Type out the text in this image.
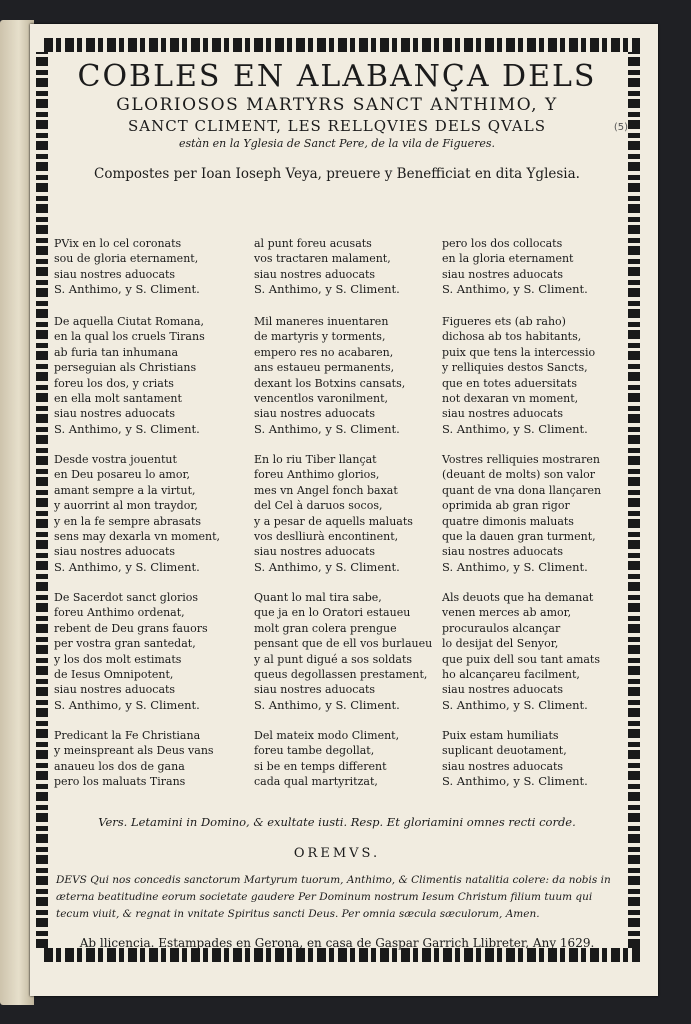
(5)
COBLES EN ALABANÇA DELS
GLORIOSOS MARTYRS SANCT ANTHIMO, Y
SANCT CLIMENT, LES RELLQVIES DELS QVALS
estàn en la Yglesia de Sanct Pere, de la vila de Figueres.
Compostes per Ioan Ioseph Veya, preuere y Benefficiat en dita Yglesia.
PVix en lo cel coronats
sou de gloria eternament,
siau nostres aduocats
S. Anthimo, y S. Climent.
al punt foreu acusats
vos tractaren malament,
siau nostres aduocats
S. Anthimo, y S. Climent.
pero los dos collocats
en la gloria eternament
siau nostres aduocats
S. Anthimo, y S. Climent.
De aquella Ciutat Romana,
en la qual los cruels Tirans
ab furia tan inhumana
perseguian als Christians
foreu los dos, y criats
en ella molt santament
siau nostres aduocats
S. Anthimo, y S. Climent.
Mil maneres inuentaren
de martyris y torments,
empero res no acabaren,
ans estaueu permanents,
dexant los Botxins cansats,
vencentlos varonilment,
siau nostres aduocats
S. Anthimo, y S. Climent.
Figueres ets (ab raho)
dichosa ab tos habitants,
puix que tens la intercessio
y relliquies destos Sancts,
que en totes aduersitats
not dexaran vn moment,
siau nostres aduocats
S. Anthimo, y S. Climent.
Desde vostra jouentut
en Deu posareu lo amor,
amant sempre a la virtut,
y auorrint al mon traydor,
y en la fe sempre abrasats
sens may dexarla vn moment,
siau nostres aduocats
S. Anthimo, y S. Climent.
En lo riu Tiber llançat
foreu Anthimo glorios,
mes vn Angel fonch baxat
del Cel à daruos socos,
y a pesar de aquells maluats
vos deslliurà encontinent,
siau nostres aduocats
S. Anthimo, y S. Climent.
Vostres relliquies mostraren
(deuant de molts) son valor
quant de vna dona llançaren
oprimida ab gran rigor
quatre dimonis maluats
que la dauen gran turment,
siau nostres aduocats
S. Anthimo, y S. Climent.
De Sacerdot sanct glorios
foreu Anthimo ordenat,
rebent de Deu grans fauors
per vostra gran santedat,
y los dos molt estimats
de Iesus Omnipotent,
siau nostres aduocats
S. Anthimo, y S. Climent.
Quant lo mal tira sabe,
que ja en lo Oratori estaueu
molt gran colera prengue
pensant que de ell vos burlaueu
y al punt digué a sos soldats
queus degollassen prestament,
siau nostres aduocats
S. Anthimo, y S. Climent.
Als deuots que ha demanat
venen merces ab amor,
procuraulos alcançar
lo desijat del Senyor,
que puix dell sou tant amats
ho alcançareu facilment,
siau nostres aduocats
S. Anthimo, y S. Climent.
Predicant la Fe Christiana
y meinspreant als Deus vans
anaueu los dos de gana
pero los maluats Tirans
Del mateix modo Climent,
foreu tambe degollat,
si be en temps different
cada qual martyritzat,
Puix estam humiliats
suplicant deuotament,
siau nostres aduocats
S. Anthimo, y S. Climent.
Vers. Letamini in Domino, & exultate iusti. Resp. Et gloriamini omnes recti corde.
OREMVS.
DEVS Qui nos concedis sanctorum Martyrum tuorum, Anthimo, & Climentis natalitia colere: da nobis in æterna beatitudine eorum societate gaudere Per Dominum nostrum Iesum Christum filium tuum qui tecum viuit, & regnat in vnitate Spiritus sancti Deus. Per omnia sæcula sæculorum, Amen.
Ab llicencia. Estampades en Gerona, en casa de Gaspar Garrich Llibreter, Any 1629.
